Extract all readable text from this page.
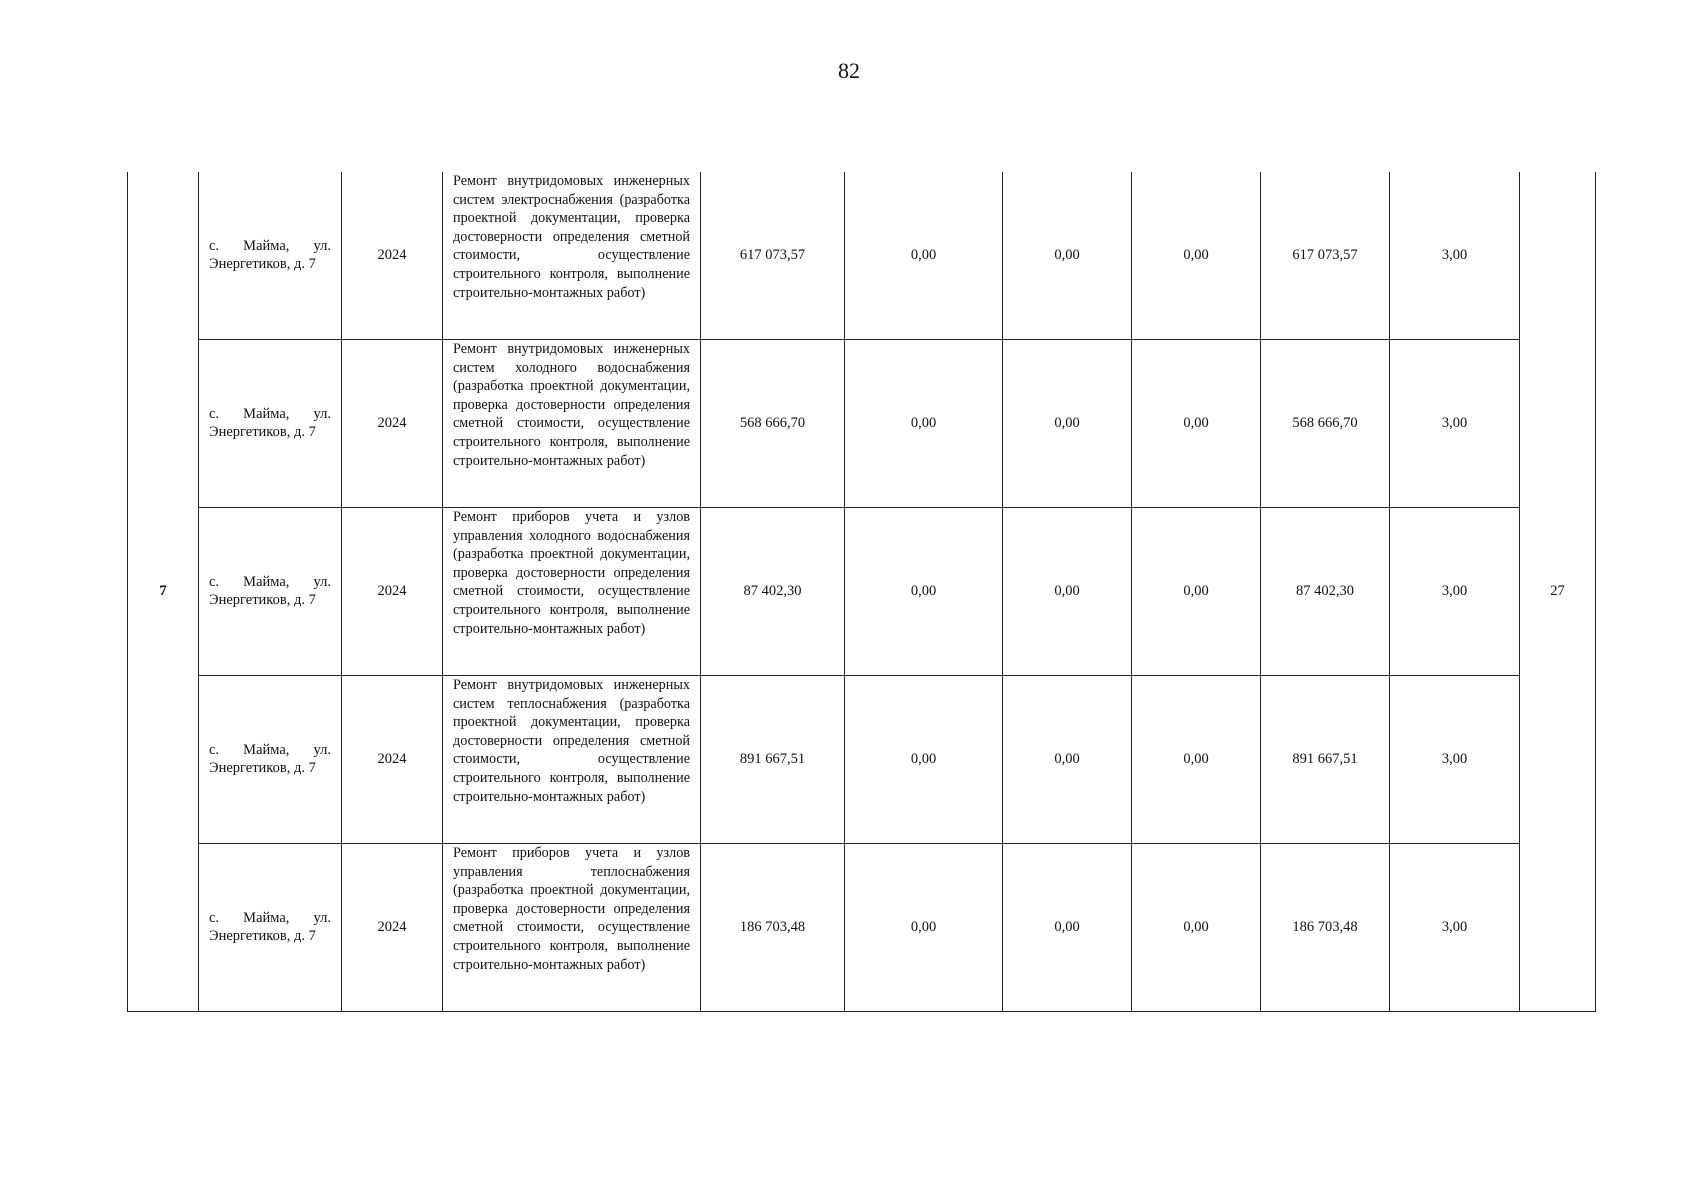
82
7	с. Майма, ул. Энергетиков, д. 7	2024	Ремонт внутридомовых инженерных систем электроснабжения (разработка проектной документации, проверка достоверности определения сметной стоимости, осуществление строительного контроля, выполнение строительно-монтажных работ)	617 073,57	0,00	0,00	0,00	617 073,57	3,00	27
	с. Майма, ул. Энергетиков, д. 7	2024	Ремонт внутридомовых инженерных систем холодного водоснабжения (разработка проектной документации, проверка достоверности определения сметной стоимости, осуществление строительного контроля, выполнение строительно-монтажных работ)	568 666,70	0,00	0,00	0,00	568 666,70	3,00	
	с. Майма, ул. Энергетиков, д. 7	2024	Ремонт приборов учета и узлов управления холодного водоснабжения (разработка проектной документации, проверка достоверности определения сметной стоимости, осуществление строительного контроля, выполнение строительно-монтажных работ)	87 402,30	0,00	0,00	0,00	87 402,30	3,00	
	с. Майма, ул. Энергетиков, д. 7	2024	Ремонт внутридомовых инженерных систем теплоснабжения (разработка проектной документации, проверка достоверности определения сметной стоимости, осуществление строительного контроля, выполнение строительно-монтажных работ)	891 667,51	0,00	0,00	0,00	891 667,51	3,00	
	с. Майма, ул. Энергетиков, д. 7	2024	Ремонт приборов учета и узлов управления теплоснабжения (разработка проектной документации, проверка достоверности определения сметной стоимости, осуществление строительного контроля, выполнение строительно-монтажных работ)	186 703,48	0,00	0,00	0,00	186 703,48	3,00	
